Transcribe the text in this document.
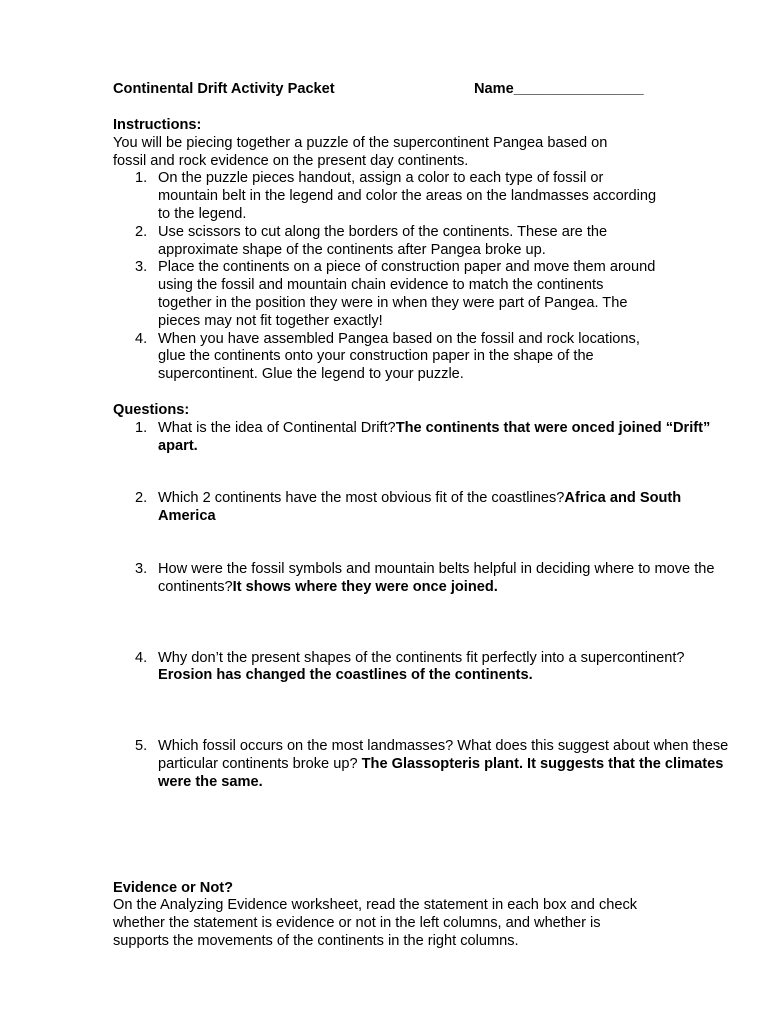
Continental Drift Activity Packet	Name________________
Instructions:
You will be piecing together a puzzle of the supercontinent Pangea based on fossil and rock evidence on the present day continents.
1. On the puzzle pieces handout, assign a color to each type of fossil or mountain belt in the legend and color the areas on the landmasses according to the legend.
2. Use scissors to cut along the borders of the continents. These are the approximate shape of the continents after Pangea broke up.
3. Place the continents on a piece of construction paper and move them around using the fossil and mountain chain evidence to match the continents together in the position they were in when they were part of Pangea. The pieces may not fit together exactly!
4. When you have assembled Pangea based on the fossil and rock locations, glue the continents onto your construction paper in the shape of the supercontinent. Glue the legend to your puzzle.
Questions:
1. What is the idea of Continental Drift?The continents that were onced joined “Drift” apart.
2. Which 2 continents have the most obvious fit of the coastlines?Africa and South America
3. How were the fossil symbols and mountain belts helpful in deciding where to move the continents?It shows where they were once joined.
4. Why don’t the present shapes of the continents fit perfectly into a supercontinent? Erosion has changed the coastlines of the continents.
5. Which fossil occurs on the most landmasses? What does this suggest about when these particular continents broke up? The Glassopteris plant. It suggests that the climates were the same.
Evidence or Not?
On the Analyzing Evidence worksheet, read the statement in each box and check whether the statement is evidence or not in the left columns, and whether is supports the movements of the continents in the right columns.
